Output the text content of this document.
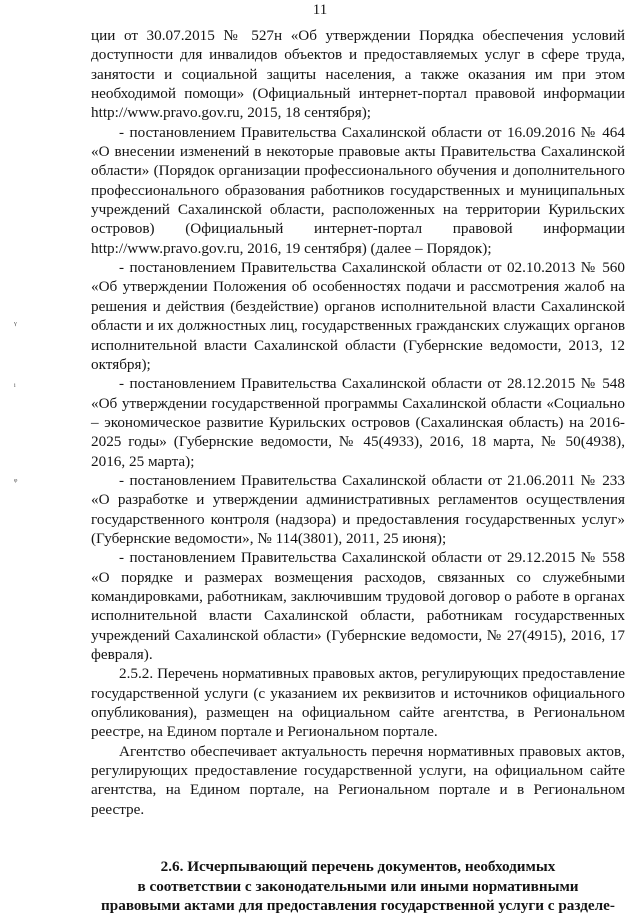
11
ᵧ
ᵢ
ᵩ

ции от 30.07.2015 № 527н «Об утверждении Порядка обеспечения условий доступности для инвалидов объектов и предоставляемых услуг в сфере труда, занятости и социальной защиты населения, а также оказания им при этом необходимой помощи» (Официальный интернет-портал правовой информации http://www.pravo.gov.ru, 2015, 18 сентября);

- постановлением Правительства Сахалинской области от 16.09.2016 № 464 «О внесении изменений в некоторые правовые акты Правительства Сахалинской области» (Порядок организации профессионального обучения и дополнительного профессионального образования работников государственных и муниципальных учреждений Сахалинской области, расположенных на территории Курильских островов) (Официальный интернет-портал правовой информации http://www.pravo.gov.ru, 2016, 19 сентября) (далее – Порядок);

- постановлением Правительства Сахалинской области от 02.10.2013 № 560 «Об утверждении Положения об особенностях подачи и рассмотрения жалоб на решения и действия (бездействие) органов исполнительной власти Сахалинской области и их должностных лиц, государственных гражданских служащих органов исполнительной власти Сахалинской области (Губернские ведомости, 2013, 12 октября);

- постановлением Правительства Сахалинской области от 28.12.2015 № 548 «Об утверждении государственной программы Сахалинской области «Социально – экономическое развитие Курильских островов (Сахалинская область) на 2016-2025 годы» (Губернские ведомости, № 45(4933), 2016, 18 марта, № 50(4938), 2016, 25 марта);

- постановлением Правительства Сахалинской области от 21.06.2011 № 233 «О разработке и утверждении административных регламентов осуществления государственного контроля (надзора) и предоставления государственных услуг» (Губернские ведомости», № 114(3801), 2011, 25 июня);

- постановлением Правительства Сахалинской области от 29.12.2015 № 558 «О порядке и размерах возмещения расходов, связанных со служебными командировками, работникам, заключившим трудовой договор о работе в органах исполнительной власти Сахалинской области, работникам государственных учреждений Сахалинской области» (Губернские ведомости, № 27(4915), 2016, 17 февраля).

2.5.2. Перечень нормативных правовых актов, регулирующих предоставление государственной услуги (с указанием их реквизитов и источников официального опубликования), размещен на официальном сайте агентства, в Региональном реестре, на Едином портале и Региональном портале.

Агентство обеспечивает актуальность перечня нормативных правовых актов, регулирующих предоставление государственной услуги, на официальном сайте агентства, на Едином портале, на Региональном портале и в Региональном реестре.

2.6. Исчерпывающий перечень документов, необходимых
в соответствии с законодательными или иными нормативными
правовыми актами для предоставления государственной услуги с разделе-
